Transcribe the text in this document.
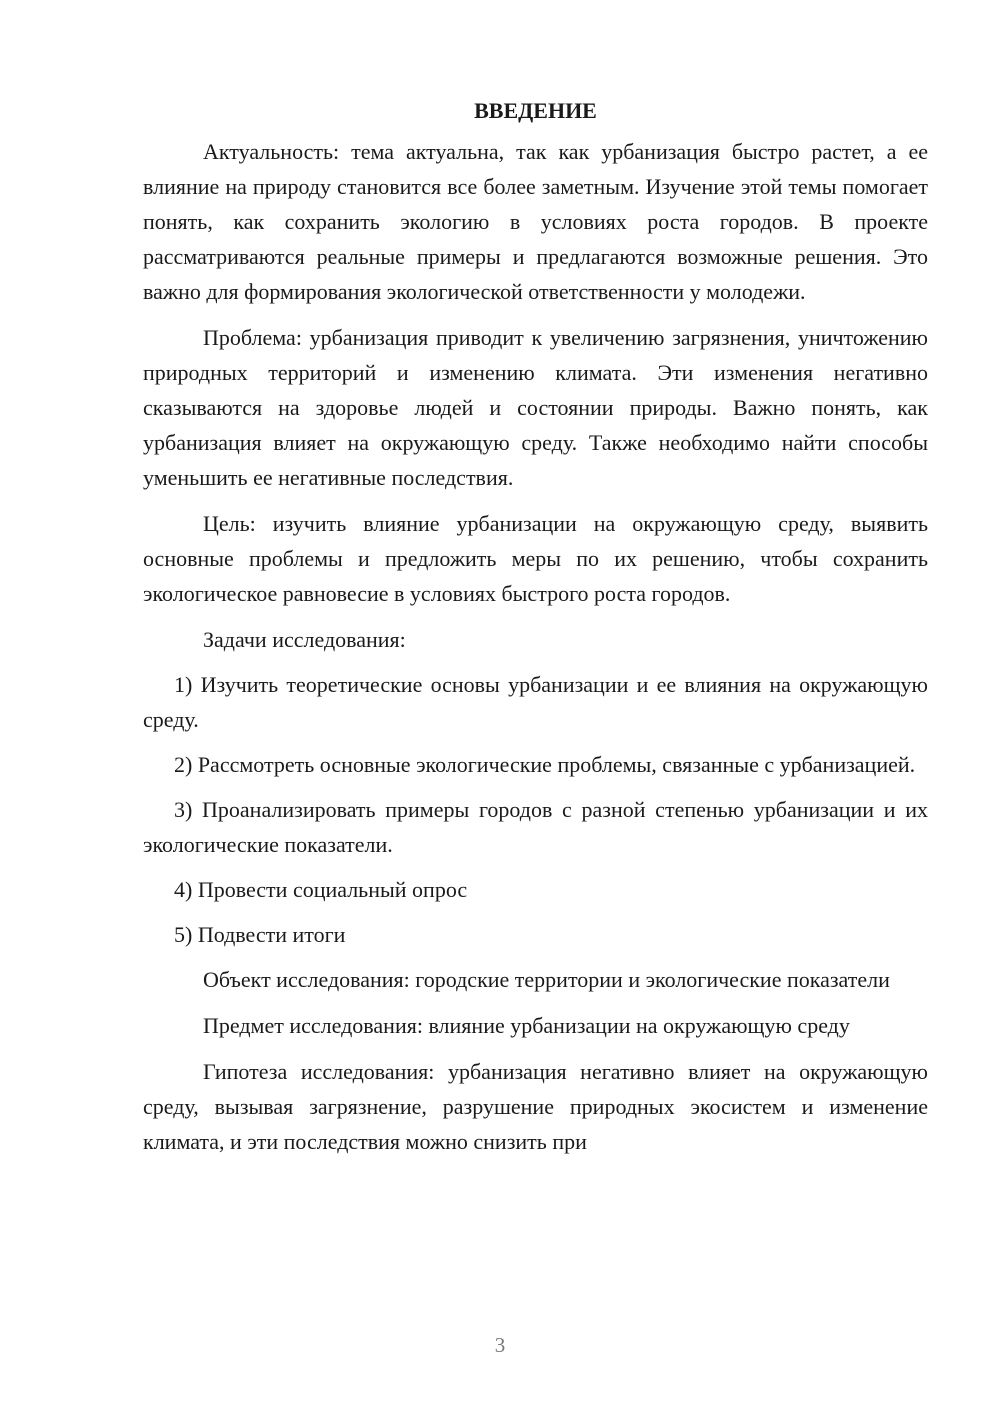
ВВЕДЕНИЕ

Актуальность: тема актуальна, так как урбанизация быстро растет, а ее влияние на природу становится все более заметным. Изучение этой темы помогает понять, как сохранить экологию в условиях роста городов. В проекте рассматриваются реальные примеры и предлагаются возможные решения. Это важно для формирования экологической ответственности у молодежи.

Проблема: урбанизация приводит к увеличению загрязнения, уничтожению природных территорий и изменению климата. Эти изменения негативно сказываются на здоровье людей и состоянии природы. Важно понять, как урбанизация влияет на окружающую среду. Также необходимо найти способы уменьшить ее негативные последствия.

Цель: изучить влияние урбанизации на окружающую среду, выявить основные проблемы и предложить меры по их решению, чтобы сохранить экологическое равновесие в условиях быстрого роста городов.

Задачи исследования:

1) Изучить теоретические основы урбанизации и ее влияния на окружающую среду.

2) Рассмотреть основные экологические проблемы, связанные с урбанизацией.

3) Проанализировать примеры городов с разной степенью урбанизации и их экологические показатели.

4) Провести социальный опрос

5) Подвести итоги

Объект исследования: городские территории и экологические показатели

Предмет исследования: влияние урбанизации на окружающую среду

Гипотеза исследования: урбанизация негативно влияет на окружающую среду, вызывая загрязнение, разрушение природных экосистем и изменение климата, и эти последствия можно снизить при

3
